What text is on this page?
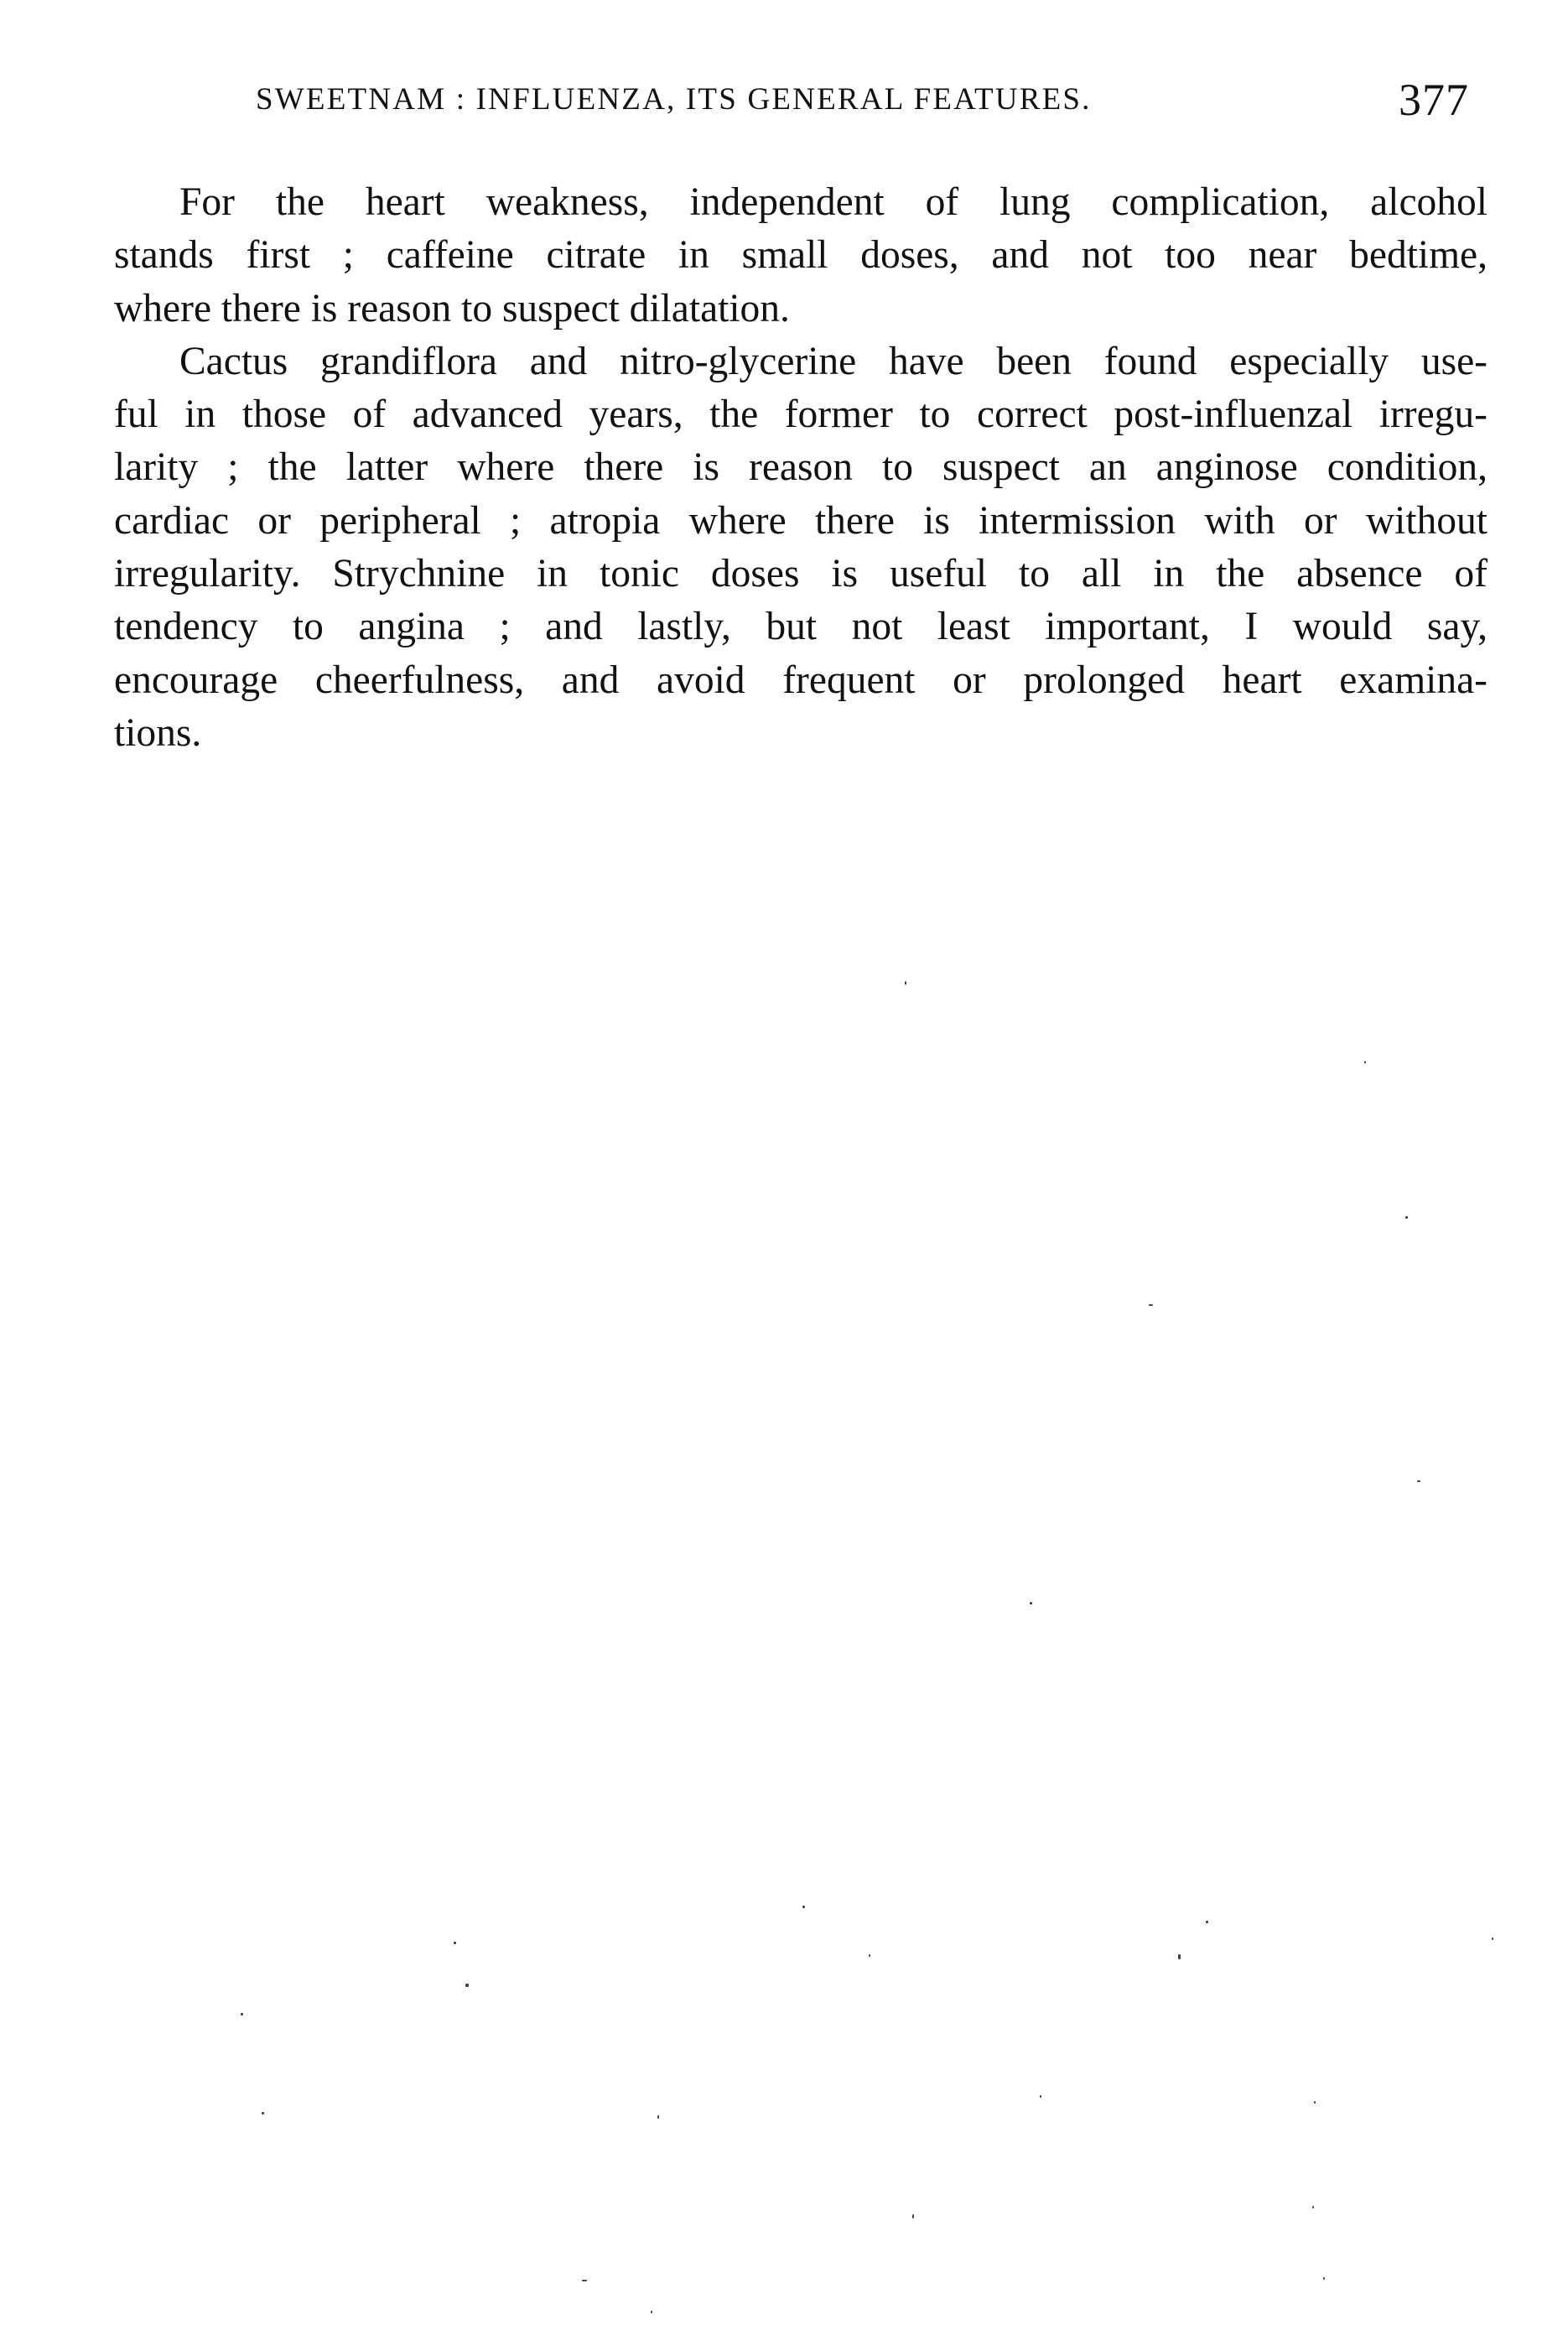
SWEETNAM : INFLUENZA, ITS GENERAL FEATURES.	377
For the heart weakness, independent of lung complication, alcohol
stands first ; caffeine citrate in small doses, and not too near bedtime,
where there is reason to suspect dilatation.
Cactus grandiflora and nitro-glycerine have been found especially use-
ful in those of advanced years, the former to correct post-influenzal irregu-
larity ; the latter where there is reason to suspect an anginose condition,
cardiac or peripheral ; atropia where there is intermission with or without
irregularity. Strychnine in tonic doses is useful to all in the absence of
tendency to angina ; and lastly, but not least important, I would say,
encourage cheerfulness, and avoid frequent or prolonged heart examina-
tions.
